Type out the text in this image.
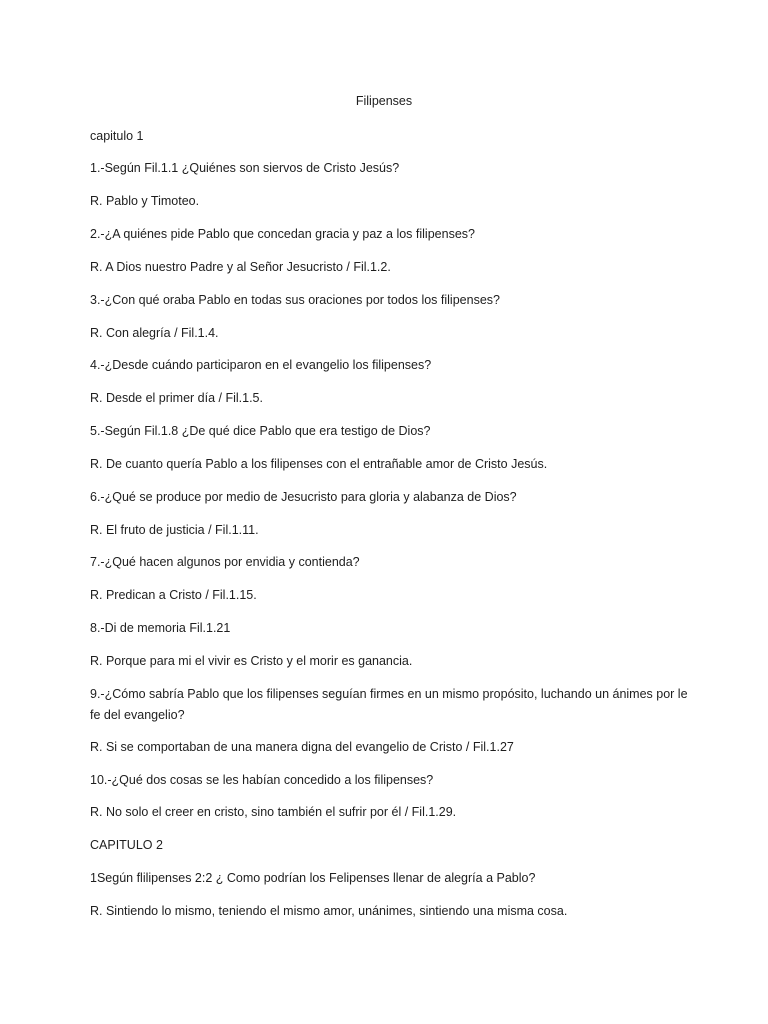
Filipenses
capitulo 1
1.-Según Fil.1.1 ¿Quiénes son siervos de Cristo Jesús?
R. Pablo y Timoteo.
2.-¿A quiénes pide Pablo que concedan gracia y paz a los filipenses?
R. A Dios nuestro Padre y al Señor Jesucristo / Fil.1.2.
3.-¿Con qué oraba Pablo en todas sus oraciones por todos los filipenses?
R. Con alegría / Fil.1.4.
4.-¿Desde cuándo participaron en el evangelio los filipenses?
R. Desde el primer día / Fil.1.5.
5.-Según Fil.1.8 ¿De qué dice Pablo que era testigo de Dios?
R. De cuanto quería Pablo a los filipenses con el entrañable amor de Cristo Jesús.
6.-¿Qué se produce por medio de Jesucristo para gloria y alabanza de Dios?
R. El fruto de justicia / Fil.1.11.
7.-¿Qué hacen algunos por envidia y contienda?
R. Predican a Cristo / Fil.1.15.
8.-Di de memoria Fil.1.21
R. Porque para mi el vivir es Cristo y el morir es ganancia.
9.-¿Cómo sabría Pablo que los filipenses seguían firmes en un mismo propósito, luchando un ánimes por le fe del evangelio?
R. Si se comportaban de una manera digna del evangelio de Cristo / Fil.1.27
10.-¿Qué dos cosas se les habían concedido a los filipenses?
R. No solo el creer en cristo, sino también el sufrir por él / Fil.1.29.
CAPITULO 2
1Según flilipenses 2:2 ¿ Como podrían los Felipenses llenar de alegría a Pablo?
R. Sintiendo lo mismo, teniendo el mismo amor, unánimes, sintiendo una misma cosa.
